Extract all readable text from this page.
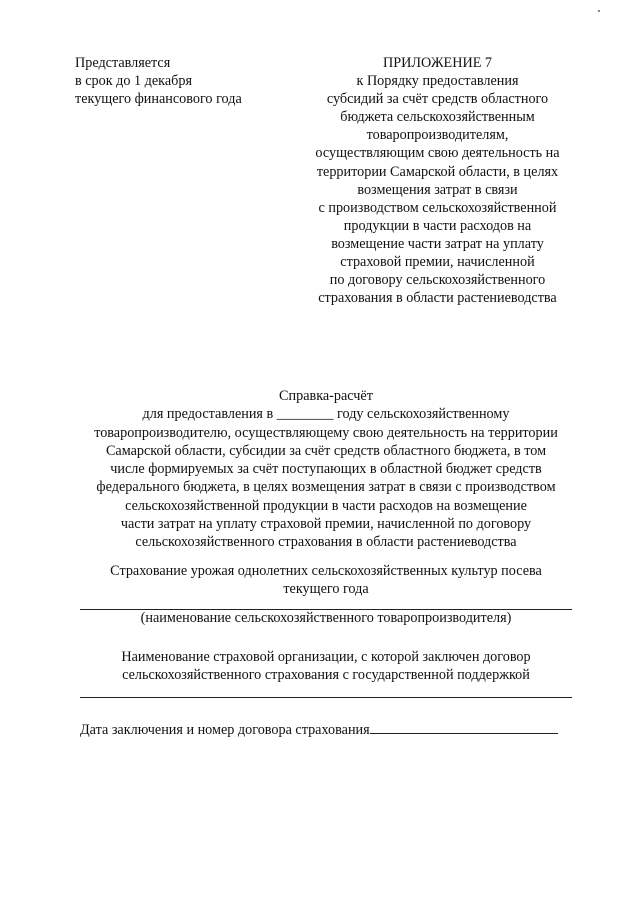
Представляется
в срок до 1 декабря
текущего финансового года
ПРИЛОЖЕНИЕ 7
к Порядку предоставления
субсидий за счёт средств областного
бюджета сельскохозяйственным
товаропроизводителям,
осуществляющим свою деятельность на
территории Самарской области, в целях
возмещения затрат в связи
с производством сельскохозяйственной
продукции в части расходов на
возмещение части затрат на уплату
страховой премии, начисленной
по договору сельскохозяйственного
страхования в области растениеводства
Справка-расчёт
для предоставления в ________ году сельскохозяйственному
товаропроизводителю, осуществляющему свою деятельность на территории
Самарской области, субсидии за счёт средств областного бюджета, в том
числе формируемых за счёт поступающих в областной бюджет средств
федерального бюджета, в целях возмещения затрат в связи с производством
сельскохозяйственной продукции в части расходов на возмещение
части затрат на уплату страховой премии, начисленной по договору
сельскохозяйственного страхования в области растениеводства
Страхование урожая однолетних сельскохозяйственных культур посева
текущего года
(наименование сельскохозяйственного товаропроизводителя)
Наименование страховой организации, с которой заключен договор
сельскохозяйственного страхования с государственной поддержкой
Дата заключения и номер договора страхования
